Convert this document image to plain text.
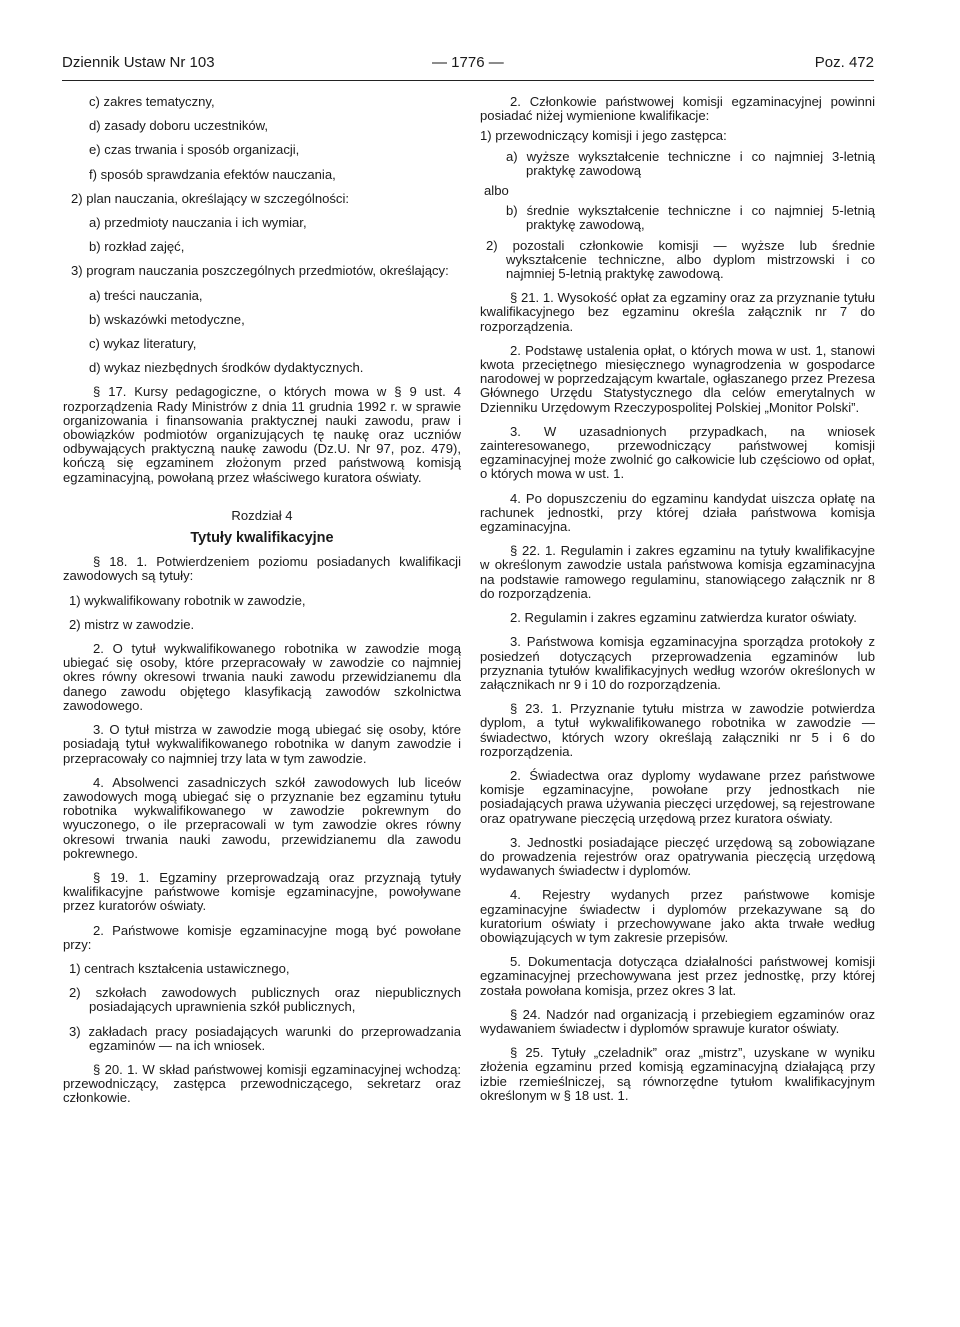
Dziennik Ustaw Nr 103	— 1776 —	Poz. 472
c) zakres tematyczny,
d) zasady doboru uczestników,
e) czas trwania i sposób organizacji,
f) sposób sprawdzania efektów nauczania,
2) plan nauczania, określający w szczególności:
a) przedmioty nauczania i ich wymiar,
b) rozkład zajęć,
3) program nauczania poszczególnych przedmiotów, określający:
a) treści nauczania,
b) wskazówki metodyczne,
c) wykaz literatury,
d) wykaz niezbędnych środków dydaktycznych.

§ 17. Kursy pedagogiczne, o których mowa w § 9 ust. 4 rozporządzenia Rady Ministrów z dnia 11 grudnia 1992 r. w sprawie organizowania i finansowania praktycznej nauki zawodu, praw i obowiązków podmiotów organizujących tę naukę oraz uczniów odbywających praktyczną naukę zawodu (Dz.U. Nr 97, poz. 479), kończą się egzaminem złożonym przed państwową komisją egzaminacyjną, powołaną przez właściwego kuratora oświaty.

Rozdział 4
Tytuły kwalifikacyjne

§ 18. 1. Potwierdzeniem poziomu posiadanych kwalifikacji zawodowych są tytuły:

1) wykwalifikowany robotnik w zawodzie,
2) mistrz w zawodzie.

2. O tytuł wykwalifikowanego robotnika w zawodzie mogą ubiegać się osoby, które przepracowały w zawodzie co najmniej okres równy okresowi trwania nauki zawodu przewidzianemu dla danego zawodu objętego klasyfikacją zawodów szkolnictwa zawodowego.

3. O tytuł mistrza w zawodzie mogą ubiegać się osoby, które posiadają tytuł wykwalifikowanego robotnika w danym zawodzie i przepracowały co najmniej trzy lata w tym zawodzie.

4. Absolwenci zasadniczych szkół zawodowych lub liceów zawodowych mogą ubiegać się o przyznanie bez egzaminu tytułu robotnika wykwalifikowanego w zawodzie pokrewnym do wyuczonego, o ile przepracowali w tym zawodzie okres równy okresowi trwania nauki zawodu, przewidzianemu dla zawodu pokrewnego.

§ 19. 1. Egzaminy przeprowadzają oraz przyznają tytuły kwalifikacyjne państwowe komisje egzaminacyjne, powoływane przez kuratorów oświaty.

2. Państwowe komisje egzaminacyjne mogą być powołane przy:

1) centrach kształcenia ustawicznego,
2) szkołach zawodowych publicznych oraz niepublicznych posiadających uprawnienia szkół publicznych,
3) zakładach pracy posiadających warunki do przeprowadzania egzaminów — na ich wniosek.

§ 20. 1. W skład państwowej komisji egzaminacyjnej wchodzą: przewodniczący, zastępca przewodniczącego, sekretarz oraz członkowie.

2. Członkowie państwowej komisji egzaminacyjnej powinni posiadać niżej wymienione kwalifikacje:

1) przewodniczący komisji i jego zastępca:
a) wyższe wykształcenie techniczne i co najmniej 3-letnią praktykę zawodową
albo
b) średnie wykształcenie techniczne i co najmniej 5-letnią praktykę zawodową,
2) pozostali członkowie komisji — wyższe lub średnie wykształcenie techniczne, albo dyplom mistrzowski i co najmniej 5-letnią praktykę zawodową.

§ 21. 1. Wysokość opłat za egzaminy oraz za przyznanie tytułu kwalifikacyjnego bez egzaminu określa załącznik nr 7 do rozporządzenia.

2. Podstawę ustalenia opłat, o których mowa w ust. 1, stanowi kwota przeciętnego miesięcznego wynagrodzenia w gospodarce narodowej w poprzedzającym kwartale, ogłaszanego przez Prezesa Głównego Urzędu Statystycznego dla celów emerytalnych w Dzienniku Urzędowym Rzeczypospolitej Polskiej „Monitor Polski”.

3. W uzasadnionych przypadkach, na wniosek zainteresowanego, przewodniczący państwowej komisji egzaminacyjnej może zwolnić go całkowicie lub częściowo od opłat, o których mowa w ust. 1.

4. Po dopuszczeniu do egzaminu kandydat uiszcza opłatę na rachunek jednostki, przy której działa państwowa komisja egzaminacyjna.

§ 22. 1. Regulamin i zakres egzaminu na tytuły kwalifikacyjne w określonym zawodzie ustala państwowa komisja egzaminacyjna na podstawie ramowego regulaminu, stanowiącego załącznik nr 8 do rozporządzenia.

2. Regulamin i zakres egzaminu zatwierdza kurator oświaty.

3. Państwowa komisja egzaminacyjna sporządza protokoły z posiedzeń dotyczących przeprowadzenia egzaminów lub przyznania tytułów kwalifikacyjnych według wzorów określonych w załącznikach nr 9 i 10 do rozporządzenia.

§ 23. 1. Przyznanie tytułu mistrza w zawodzie potwierdza dyplom, a tytuł wykwalifikowanego robotnika w zawodzie — świadectwo, których wzory określają załączniki nr 5 i 6 do rozporządzenia.

2. Świadectwa oraz dyplomy wydawane przez państwowe komisje egzaminacyjne, powołane przy jednostkach nie posiadających prawa używania pieczęci urzędowej, są rejestrowane oraz opatrywane pieczęcią urzędową przez kuratora oświaty.

3. Jednostki posiadające pieczęć urzędową są zobowiązane do prowadzenia rejestrów oraz opatrywania pieczęcią urzędową wydawanych świadectw i dyplomów.

4. Rejestry wydanych przez państwowe komisje egzaminacyjne świadectw i dyplomów przekazywane są do kuratorium oświaty i przechowywane jako akta trwałe według obowiązujących w tym zakresie przepisów.

5. Dokumentacja dotycząca działalności państwowej komisji egzaminacyjnej przechowywana jest przez jednostkę, przy której została powołana komisja, przez okres 3 lat.

§ 24. Nadzór nad organizacją i przebiegiem egzaminów oraz wydawaniem świadectw i dyplomów sprawuje kurator oświaty.

§ 25. Tytuły „czeladnik” oraz „mistrz”, uzyskane w wyniku złożenia egzaminu przed komisją egzaminacyjną działającą przy izbie rzemieślniczej, są równorzędne tytułom kwalifikacyjnym określonym w § 18 ust. 1.
